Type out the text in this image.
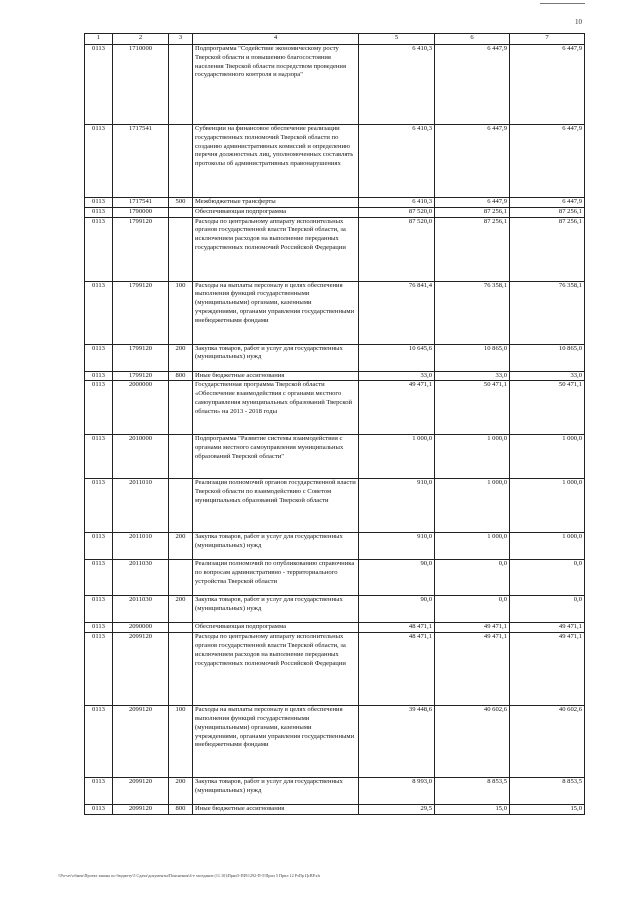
10
1	2	3	4	5	6	7
0113	1710000		Подпрограмма "Содействие экономическому росту Тверской области и повышению благосостояния населения Тверской области посредством проведения государственного контроля и надзора"	6 410,3	6 447,9	6 447,9
0113	1717541		Субвенции на финансовое обеспечение реализации государственных полномочий Тверской области по созданию административных комиссий и определению перечня должностных лиц, уполномоченных составлять протоколы об административных правонарушениях	6 410,3	6 447,9	6 447,9
0113	1717541	500	Межбюджетные трансферты	6 410,3	6 447,9	6 447,9
0113	1790000		Обеспечивающая подпрограмма	87 520,0	87 256,1	87 256,1
0113	1799120		Расходы по центральному аппарату исполнительных органов государственной власти Тверской области, за исключением расходов на выполнение переданных государственных полномочий Российской Федерации	87 520,0	87 256,1	87 256,1
0113	1799120	100	Расходы на выплаты персоналу в целях обеспечения выполнения функций государственными (муниципальными) органами, казенными учреждениями, органами управления государственными внебюджетными фондами	76 841,4	76 358,1	76 358,1
0113	1799120	200	Закупка товаров, работ и услуг для государственных (муниципальных) нужд	10 645,6	10 865,0	10 865,0
0113	1799120	800	Иные бюджетные ассигнования	33,0	33,0	33,0
0113	2000000		Государственная программа Тверской области «Обеспечение взаимодействия с органами местного самоуправления муниципальных образований Тверской области» на 2013 - 2018 годы	49 471,1	50 471,1	50 471,1
0113	2010000		Подпрограмма "Развитие системы взаимодействия с органами местного самоуправления муниципальных образований Тверской области"	1 000,0	1 000,0	1 000,0
0113	2011010		Реализация полномочий органов государственной власти Тверской области по взаимодействию с Советом муниципальных образований Тверской области	910,0	1 000,0	1 000,0
0113	2011010	200	Закупка товаров, работ и услуг для государственных (муниципальных) нужд	910,0	1 000,0	1 000,0
0113	2011030		Реализация полномочий по опубликованию справочника по вопросам административно - территориального устройства Тверской области	90,0	0,0	0,0
0113	2011030	200	Закупка товаров, работ и услуг для государственных (муниципальных) нужд	90,0	0,0	0,0
0113	2090000		Обеспечивающая подпрограмма	48 471,1	49 471,1	49 471,1
0113	2099120		Расходы по центральному аппарату исполнительных органов государственной власти Тверской области, за исключением расходов на выполнение переданных государственных полномочий Российской Федерации	48 471,1	49 471,1	49 471,1
0113	2099120	100	Расходы на выплаты персоналу в целях обеспечения выполнения функций государственными (муниципальными) органами, казенными учреждениями, органами управления государственными внебюджетными фондами	39 448,6	40 602,6	40 602,6
0113	2099120	200	Закупка товаров, работ и услуг для государственных (муниципальных) нужд	8 993,0	8 853,5	8 853,5
0113	2099120	800	Иные бюджетные ассигнования	29,5	15,0	15,0
\\Pu-srv\обмен\Проект закона по бюджету\5 Сдача\документы\Пояснения\4-е заседание (11.10)\Прил5-ПИ\1292-П-5\Прил 5 Прил 12 РзПр ЦсВР.xls
